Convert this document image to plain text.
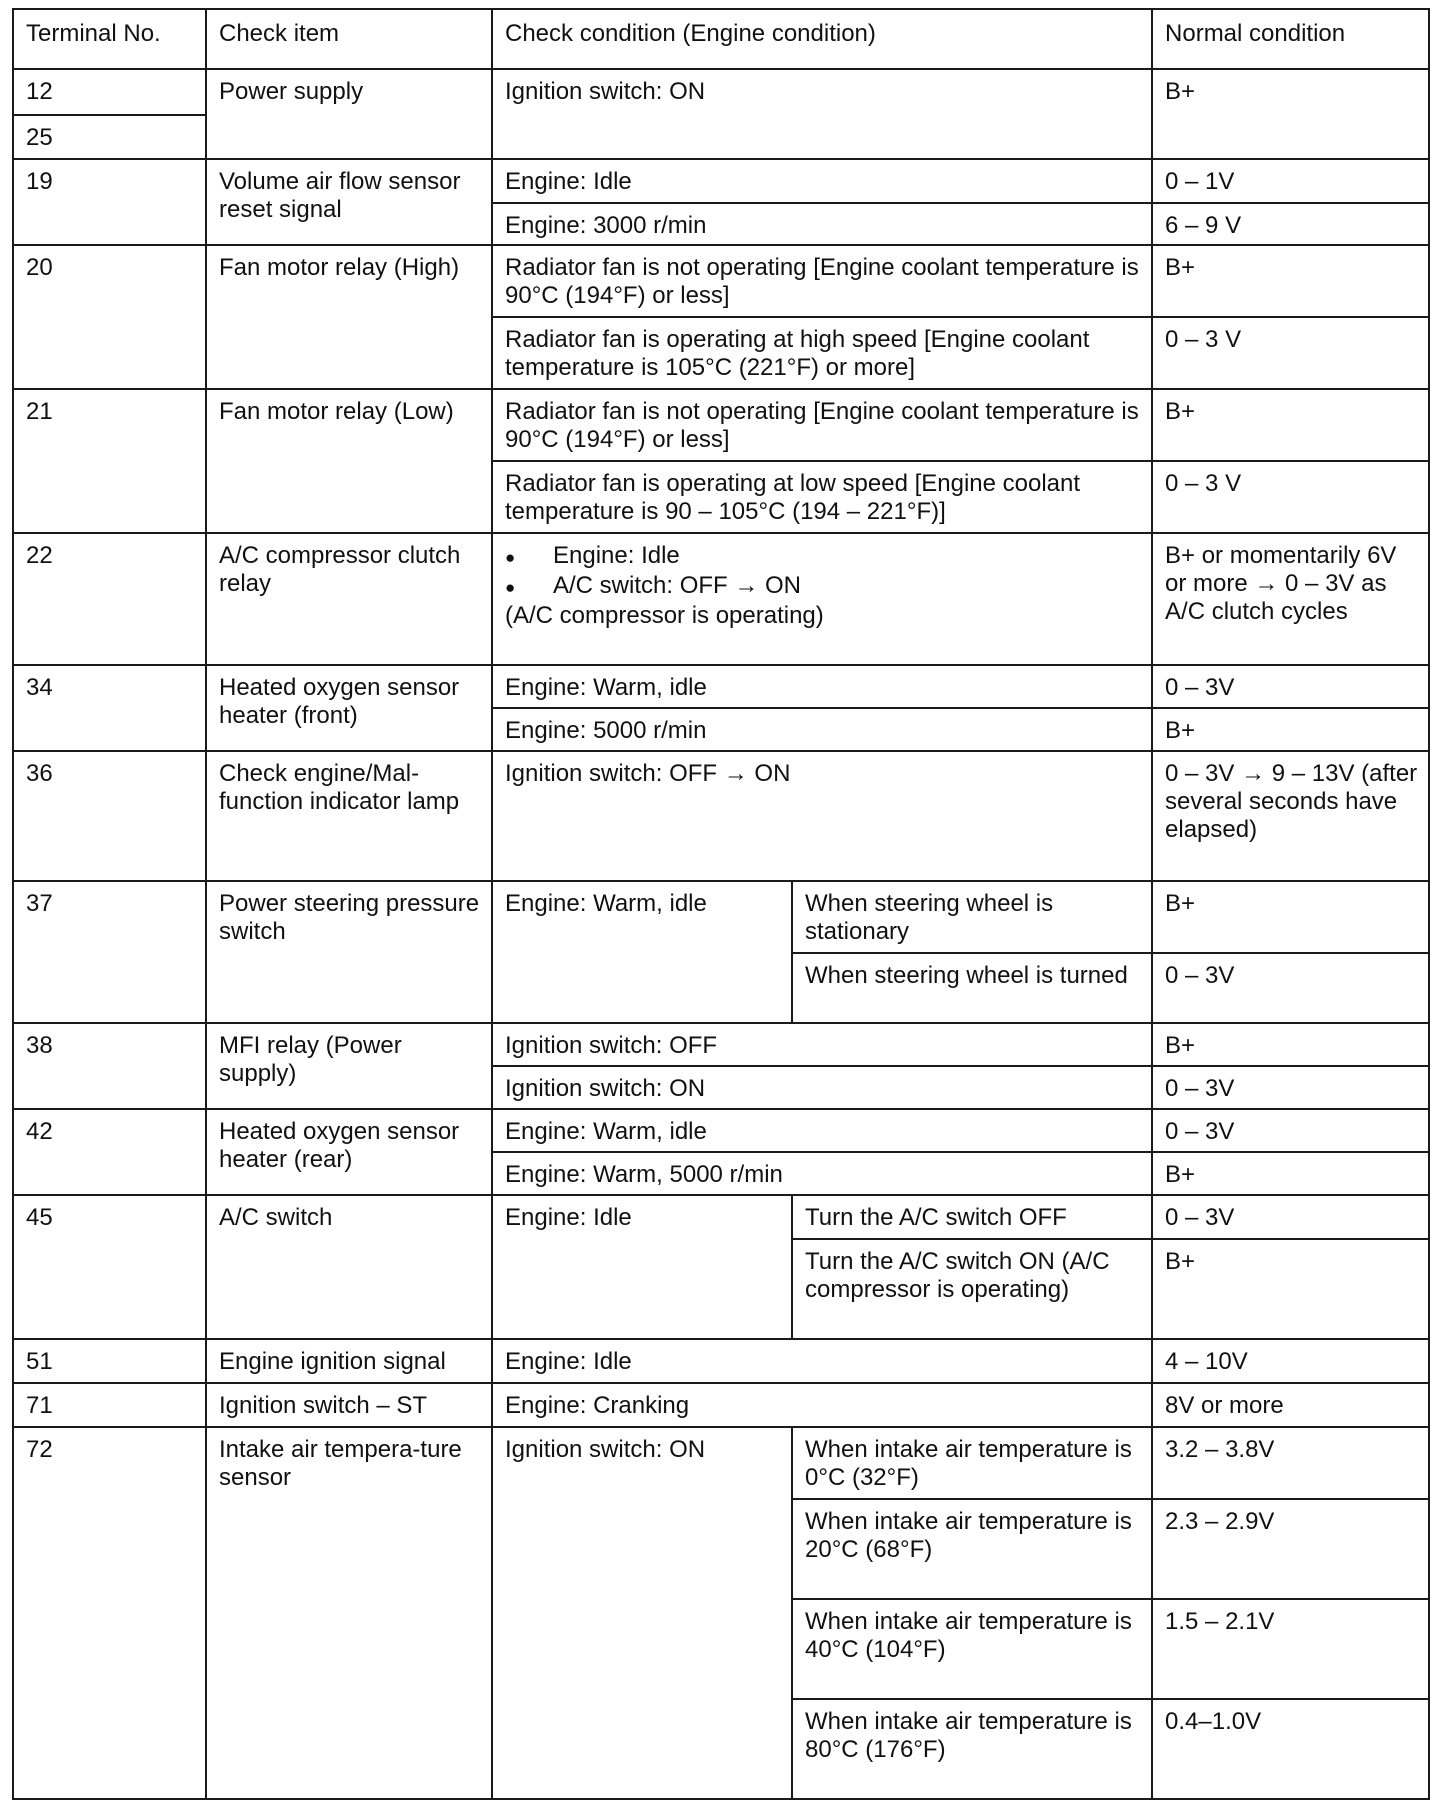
Terminal No.	Check item	Check condition (Engine condition)		Normal condition
12	Power supply	Ignition switch: ON		B+
25				
19	Volume air flow sensor reset signal	Engine: Idle		0 – 1V
		Engine: 3000 r/min		6 – 9 V
20	Fan motor relay (High)	Radiator fan is not operating [Engine coolant temperature is 90°C (194°F) or less]		B+
		Radiator fan is operating at high speed [Engine coolant temperature is 105°C (221°F) or more]		0 – 3 V
21	Fan motor relay (Low)	Radiator fan is not operating [Engine coolant temperature is 90°C (194°F) or less]		B+
		Radiator fan is operating at low speed [Engine coolant temperature is 90 – 105°C (194 – 221°F)]		0 – 3 V
22	A/C compressor clutch relay	● Engine: Idle
● A/C switch: OFF → ON
(A/C compressor is operating)		B+ or momentarily 6V or more → 0 – 3V as A/C clutch cycles
34	Heated oxygen sensor heater (front)	Engine: Warm, idle		0 – 3V
		Engine: 5000 r/min		B+
36	Check engine/Mal-function indicator lamp	Ignition switch: OFF → ON		0 – 3V → 9 – 13V (after several seconds have elapsed)
37	Power steering pressure switch	Engine: Warm, idle	When steering wheel is stationary	B+
			When steering wheel is turned	0 – 3V
38	MFI relay (Power supply)	Ignition switch: OFF		B+
		Ignition switch: ON		0 – 3V
42	Heated oxygen sensor heater (rear)	Engine: Warm, idle		0 – 3V
		Engine: Warm, 5000 r/min		B+
45	A/C switch	Engine: Idle	Turn the A/C switch OFF	0 – 3V
			Turn the A/C switch ON (A/C compressor is operating)	B+
51	Engine ignition signal	Engine: Idle		4 – 10V
71	Ignition switch – ST	Engine: Cranking		8V or more
72	Intake air tempera-ture sensor	Ignition switch: ON	When intake air temperature is 0°C (32°F)	3.2 – 3.8V
			When intake air temperature is 20°C (68°F)	2.3 – 2.9V
			When intake air temperature is 40°C (104°F)	1.5 – 2.1V
			When intake air temperature is 80°C (176°F)	0.4–1.0V
